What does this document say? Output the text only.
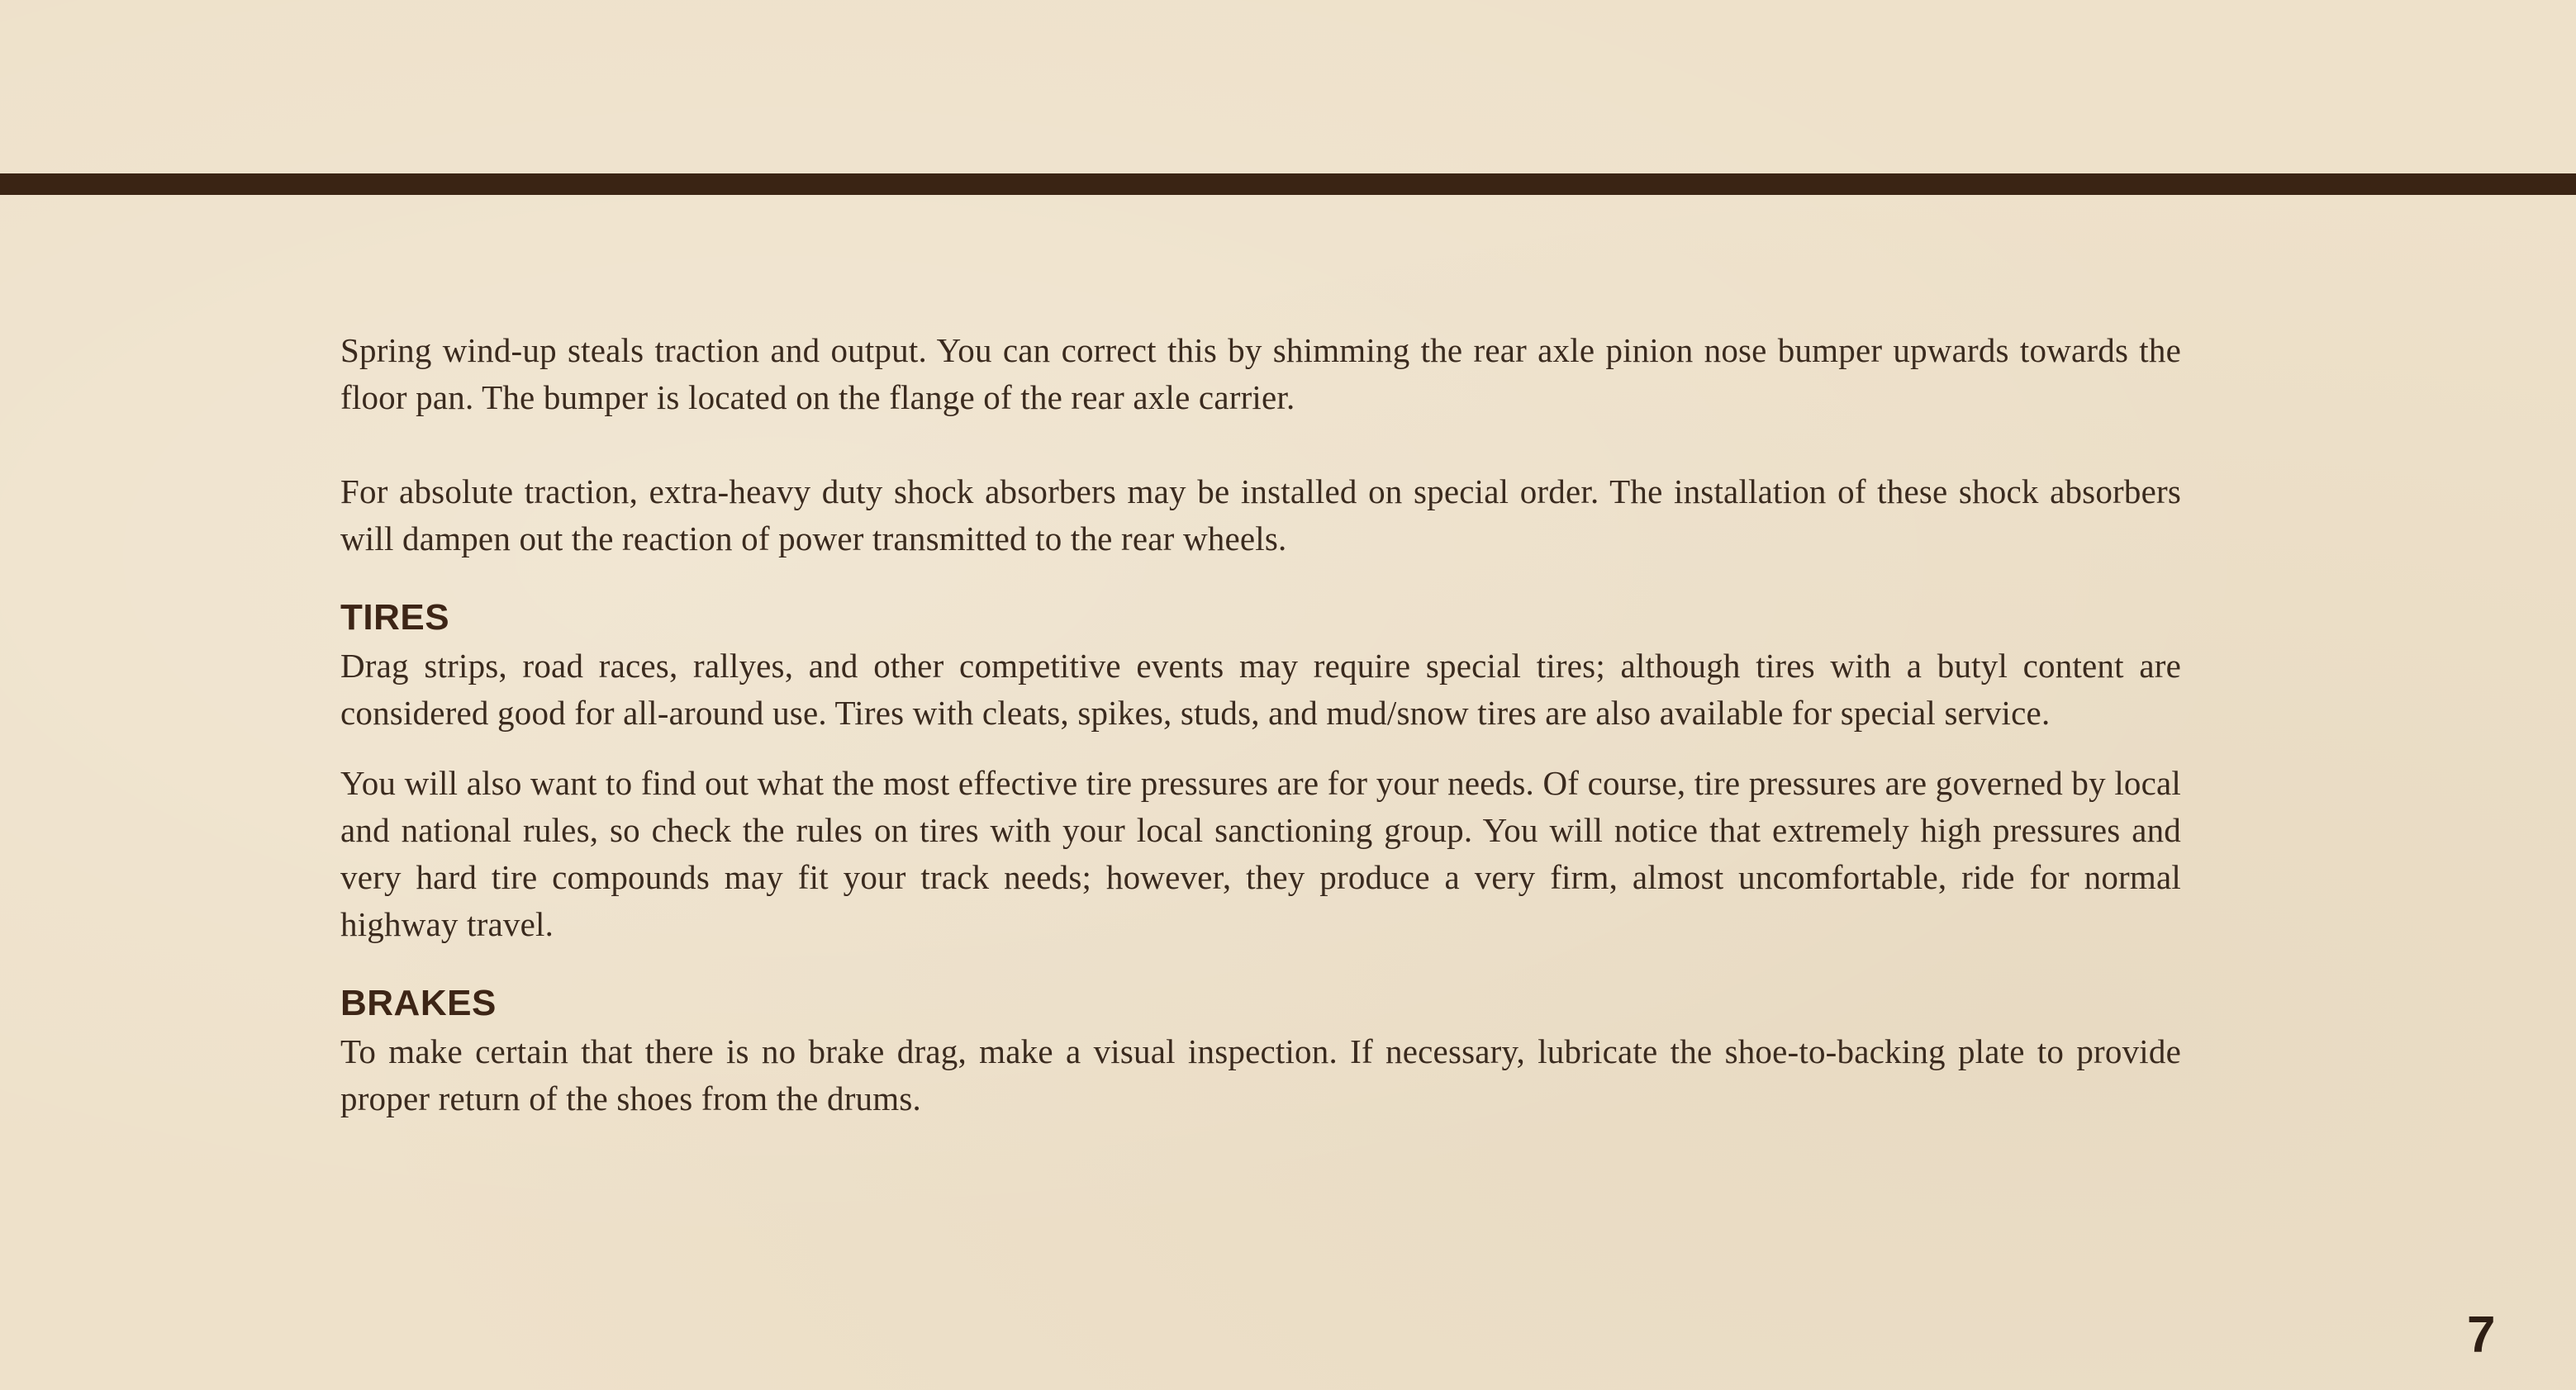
Spring wind-up steals traction and output. You can correct this by shimming the rear axle pinion nose bumper upwards towards the floor pan. The bumper is located on the flange of the rear axle carrier.

For absolute traction, extra-heavy duty shock absorbers may be installed on special order. The installation of these shock absorbers will dampen out the reaction of power transmitted to the rear wheels.

TIRES

Drag strips, road races, rallyes, and other competitive events may require special tires; although tires with a butyl content are considered good for all-around use. Tires with cleats, spikes, studs, and mud/snow tires are also available for special service.

You will also want to find out what the most effective tire pressures are for your needs. Of course, tire pressures are governed by local and national rules, so check the rules on tires with your local sanctioning group. You will notice that extremely high pressures and very hard tire compounds may fit your track needs; however, they produce a very firm, almost uncomfortable, ride for normal highway travel.

BRAKES

To make certain that there is no brake drag, make a visual inspection. If necessary, lubricate the shoe-to-backing plate to provide proper return of the shoes from the drums.

7
